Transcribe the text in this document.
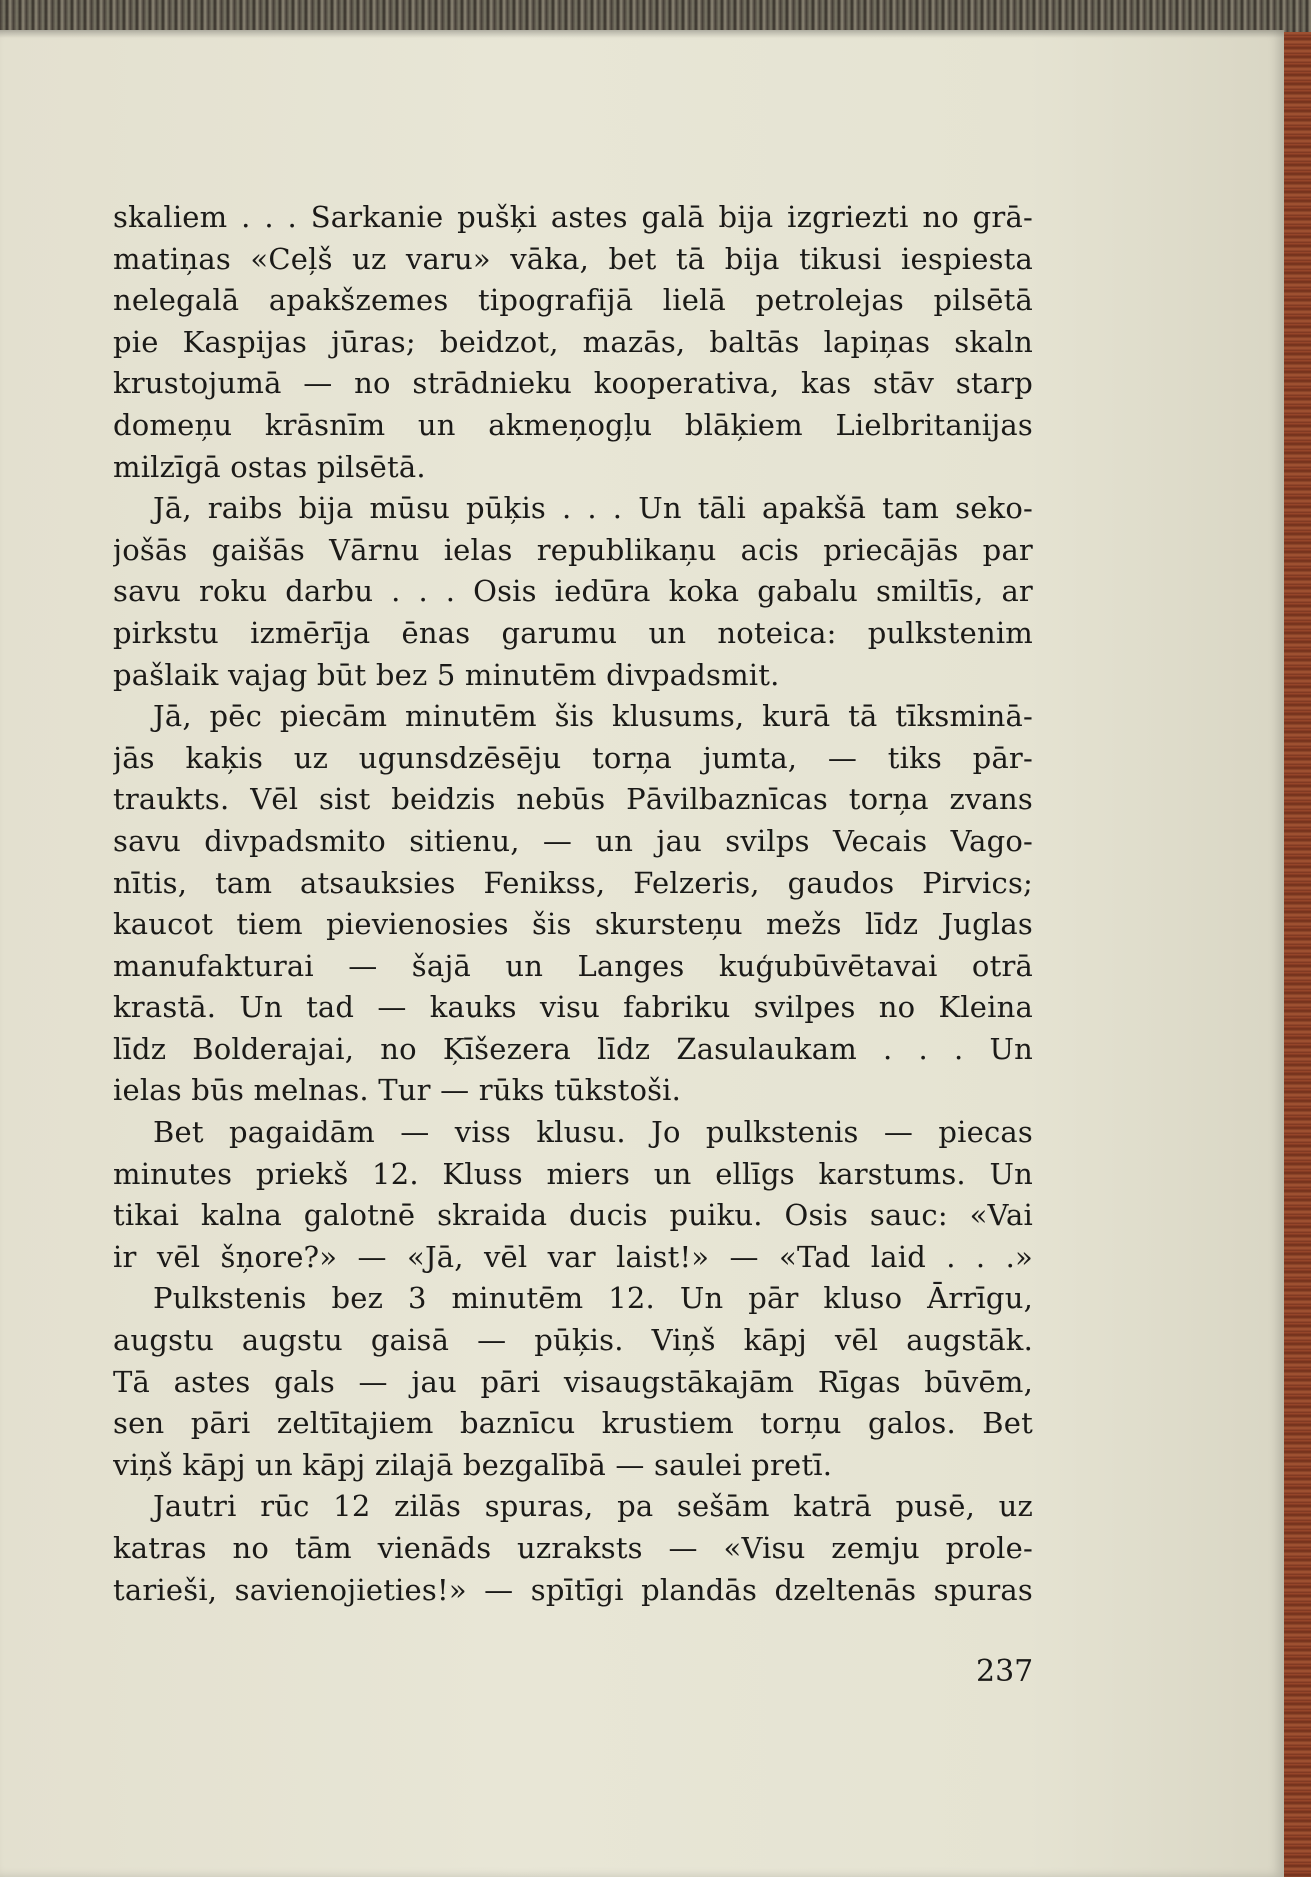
skaliem . . . Sarkanie pušķi astes galā bija izgriezti no grā-
matiņas «Ceļš uz varu» vāka, bet tā bija tikusi iespiesta
nelegalā apakšzemes tipografijā lielā petrolejas pilsētā
pie Kaspijas jūras; beidzot, mazās, baltās lapiņas skaln
krustojumā — no strādnieku kooperativa, kas stāv starp
domeņu krāsnīm un akmeņogļu blāķiem Lielbritanijas
milzīgā ostas pilsētā.
Jā, raibs bija mūsu pūķis . . . Un tāli apakšā tam seko-
jošās gaišās Vārnu ielas republikaņu acis priecājās par
savu roku darbu . . . Osis iedūra koka gabalu smiltīs, ar
pirkstu izmērīja ēnas garumu un noteica: pulkstenim
pašlaik vajag būt bez 5 minutēm divpadsmit.
Jā, pēc piecām minutēm šis klusums, kurā tā tīksminā-
jās kaķis uz ugunsdzēsēju torņa jumta, — tiks pār-
traukts. Vēl sist beidzis nebūs Pāvilbaznīcas torņa zvans
savu divpadsmito sitienu, — un jau svilps Vecais Vago-
nītis, tam atsauksies Fenikss, Felzeris, gaudos Pirvics;
kaucot tiem pievienosies šis skursteņu mežs līdz Juglas
manufakturai — šajā un Langes kuģubūvētavai otrā
krastā. Un tad — kauks visu fabriku svilpes no Kleina
līdz Bolderajai, no Ķīšezera līdz Zasulaukam . . . Un
ielas būs melnas. Tur — rūks tūkstoši.
Bet pagaidām — viss klusu. Jo pulkstenis — piecas
minutes priekš 12. Kluss miers un ellīgs karstums. Un
tikai kalna galotnē skraida ducis puiku. Osis sauc: «Vai
ir vēl šņore?» — «Jā, vēl var laist!» — «Tad laid . . .»
Pulkstenis bez 3 minutēm 12. Un pār kluso Ārrīgu,
augstu augstu gaisā — pūķis. Viņš kāpj vēl augstāk.
Tā astes gals — jau pāri visaugstākajām Rīgas būvēm,
sen pāri zeltītajiem baznīcu krustiem torņu galos. Bet
viņš kāpj un kāpj zilajā bezgalībā — saulei pretī.
Jautri rūc 12 zilās spuras, pa sešām katrā pusē, uz
katras no tām vienāds uzraksts — «Visu zemju prole-
tarieši, savienojieties!» — spītīgi plandās dzeltenās spuras
237
